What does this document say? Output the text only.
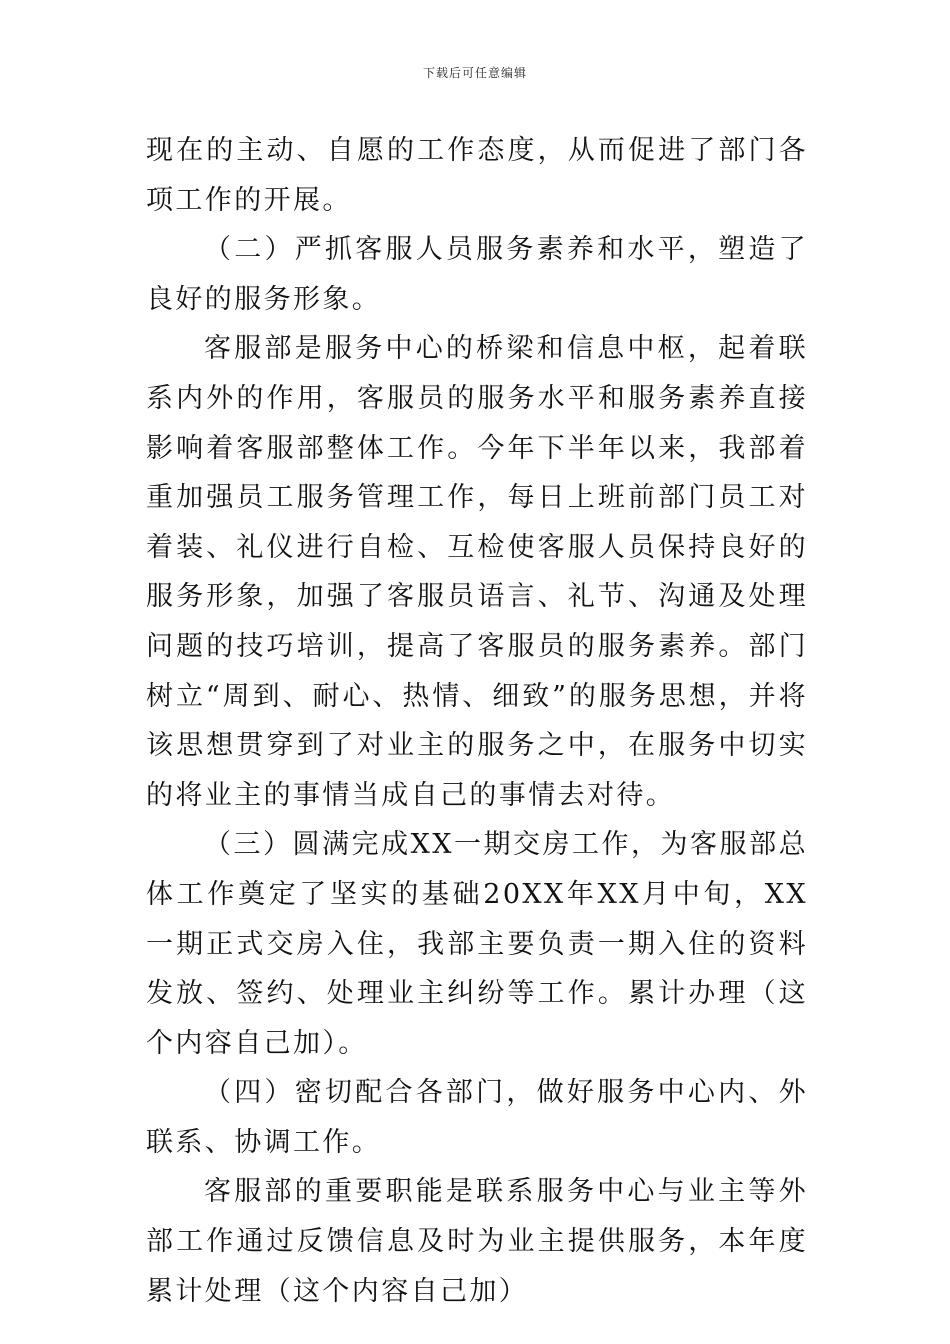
下载后可任意编辑

现在的主动、自愿的工作态度，从而促进了部门各项工作的开展。

（二）严抓客服人员服务素养和水平，塑造了良好的服务形象。

客服部是服务中心的桥梁和信息中枢，起着联系内外的作用，客服员的服务水平和服务素养直接影响着客服部整体工作。今年下半年以来，我部着重加强员工服务管理工作，每日上班前部门员工对着装、礼仪进行自检、互检使客服人员保持良好的服务形象，加强了客服员语言、礼节、沟通及处理问题的技巧培训，提高了客服员的服务素养。部门树立“周到、耐心、热情、细致”的服务思想，并将该思想贯穿到了对业主的服务之中，在服务中切实的将业主的事情当成自己的事情去对待。

（三）圆满完成XX一期交房工作，为客服部总体工作奠定了坚实的基础20XX年XX月中旬，XX一期正式交房入住，我部主要负责一期入住的资料发放、签约、处理业主纠纷等工作。累计办理（这个内容自己加）。

（四）密切配合各部门，做好服务中心内、外联系、协调工作。

客服部的重要职能是联系服务中心与业主等外部工作通过反馈信息及时为业主提供服务，本年度累计处理（这个内容自己加）
